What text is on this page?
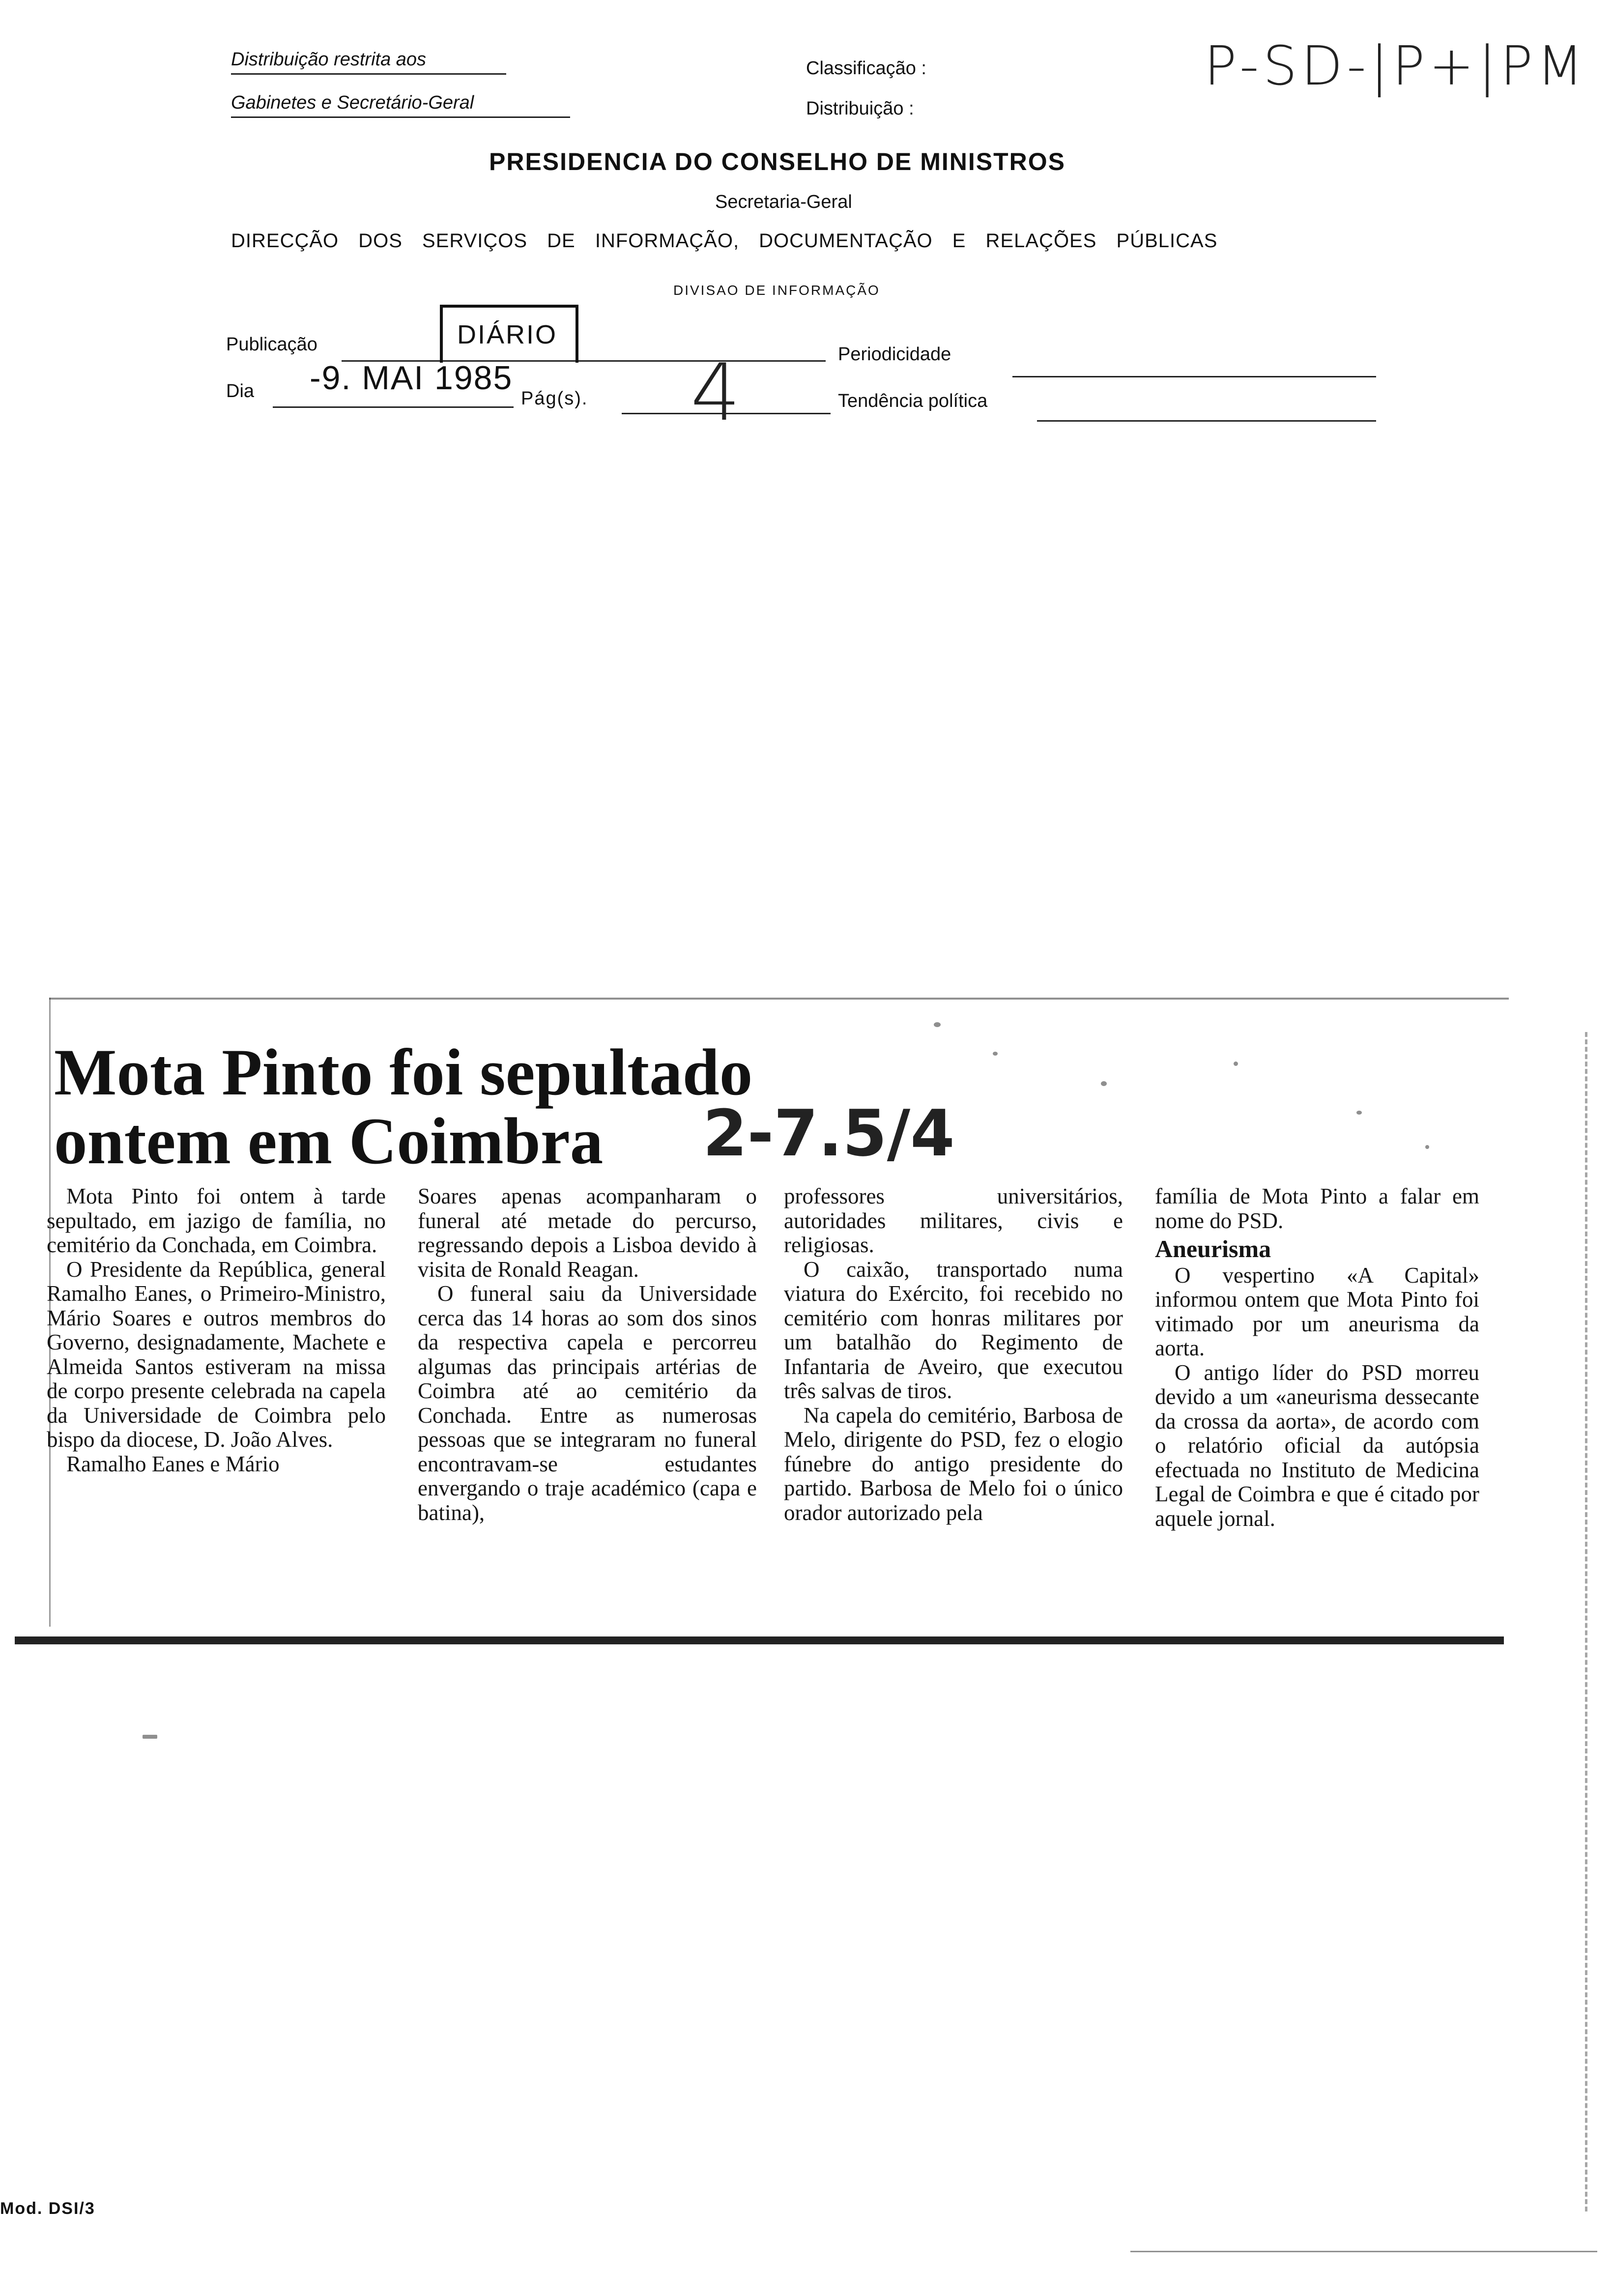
Distribuição restrita aos
Gabinetes e Secretário-Geral
Classificação :
Distribuição :
P-SD-|P+|PM
PRESIDENCIA DO CONSELHO DE MINISTROS
Secretaria-Geral
DIRECÇÃO DOS SERVIÇOS DE INFORMAÇÃO, DOCUMENTAÇÃO E RELAÇÕES PÚBLICAS
DIVISAO DE INFORMAÇÃO
Publicação	DIÁRIO
Periodicidade
Dia -9. MAI 1985
Pág(s). 4	Tendência política
Mota Pinto foi sepultado
ontem em Coimbra 2-7.5/4

Mota Pinto foi ontem à tarde sepultado, em jazigo de família, no cemitério da Conchada, em Coimbra.

O Presidente da República, general Ramalho Eanes, o Primeiro-Ministro, Mário Soares e outros membros do Governo, designadamente, Machete e Almeida Santos estiveram na missa de corpo presente celebrada na capela da Universidade de Coimbra pelo bispo da diocese, D. João Alves.

Ramalho Eanes e Mário

Soares apenas acompanharam o funeral até metade do percurso, regressando depois a Lisboa devido à visita de Ronald Reagan.

O funeral saiu da Universidade cerca das 14 horas ao som dos sinos da respectiva capela e percorreu algumas das principais artérias de Coimbra até ao cemitério da Conchada. Entre as numerosas pessoas que se integraram no funeral encontravam-se estudantes envergando o traje académico (capa e batina),

professores universitários, autoridades militares, civis e religiosas.

O caixão, transportado numa viatura do Exército, foi recebido no cemitério com honras militares por um batalhão do Regimento de Infantaria de Aveiro, que executou três salvas de tiros.

Na capela do cemitério, Barbosa de Melo, dirigente do PSD, fez o elogio fúnebre do antigo presidente do partido. Barbosa de Melo foi o único orador autorizado pela

família de Mota Pinto a falar em nome do PSD.

Aneurisma

O vespertino «A Capital» informou ontem que Mota Pinto foi vitimado por um aneurisma da aorta.

O antigo líder do PSD morreu devido a um «aneurisma dessecante da crossa da aorta», de acordo com o relatório oficial da autópsia efectuada no Instituto de Medicina Legal de Coimbra e que é citado por aquele jornal.

Mod. DSI/3
